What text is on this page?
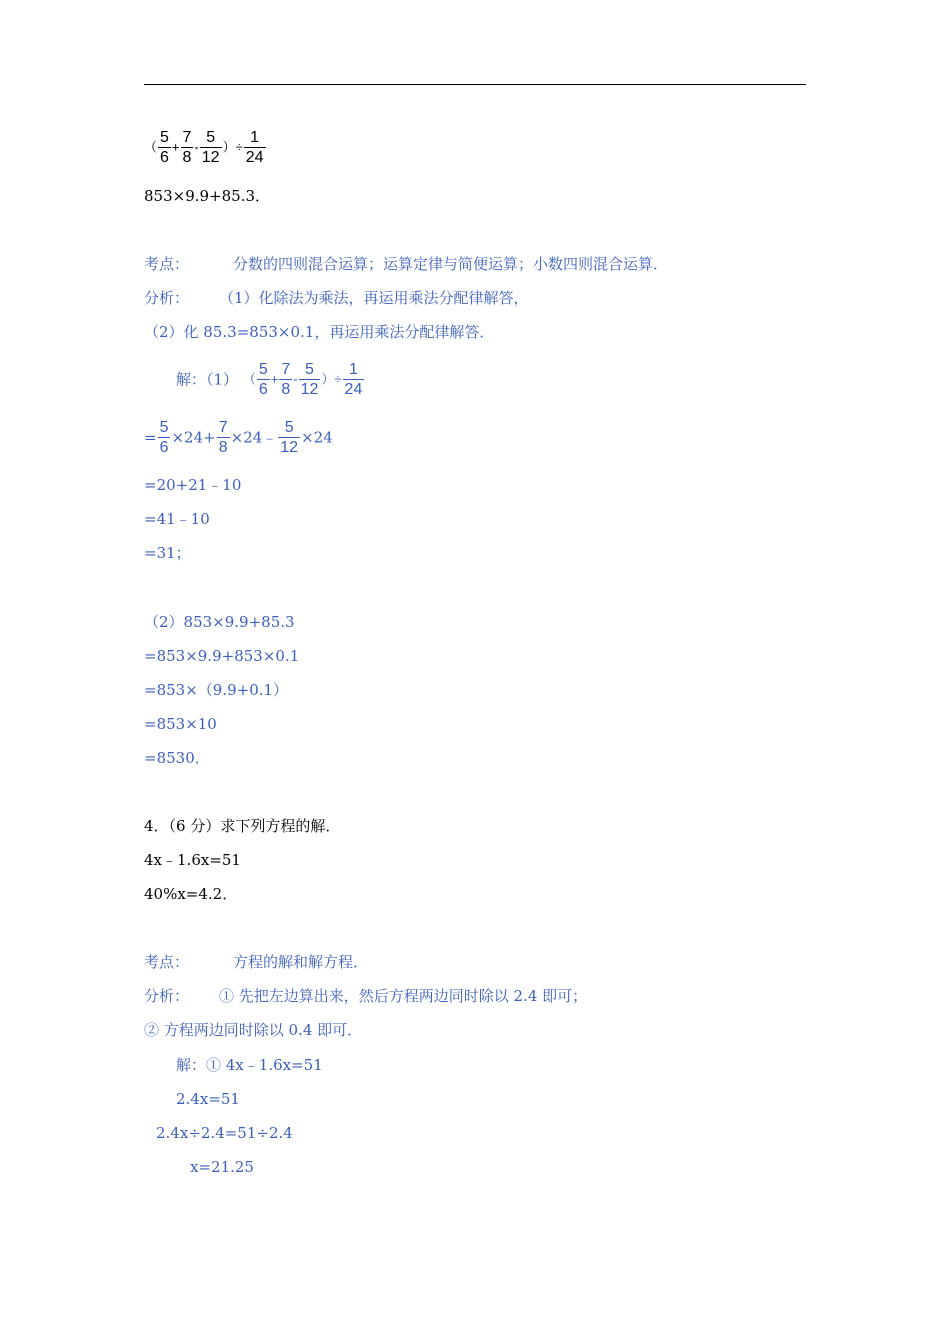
（ $\frac{5}{6} + \frac{7}{8} - \frac{5}{12}$ ）÷ $\frac{1}{24}$
853×9.9+85.3．
考点：	分数的四则混合运算；运算定律与简便运算；小数四则混合运算．
分析： （1）化除法为乘法，再运用乘法分配律解答，
（2）化 85.3=853×0.1，再运用乘法分配律解答．
解：（1） （ $\frac{5}{6} + \frac{7}{8} - \frac{5}{12}$ ）÷ $\frac{1}{24}$
= $\frac{5}{6} \times 24+ \frac{7}{8}$ ×24﹣ $\frac{5}{12} \times 24$
=20+21﹣10
=41﹣10
=31；
（2）853×9.9+85.3
=853×9.9+853×0.1
=853×（9.9+0.1）
=853×10
=8530．
4．（6 分）求下列方程的解．
4x﹣1.6x=51
40%x=4.2．
考点：	方程的解和解方程．
分析： ① 先把左边算出来，然后方程两边同时除以 2.4 即可；
② 方程两边同时除以 0.4 即可．
解：① 4x﹣1.6x=51
2.4x=51
2.4x÷2.4=51÷2.4
x=21.25
